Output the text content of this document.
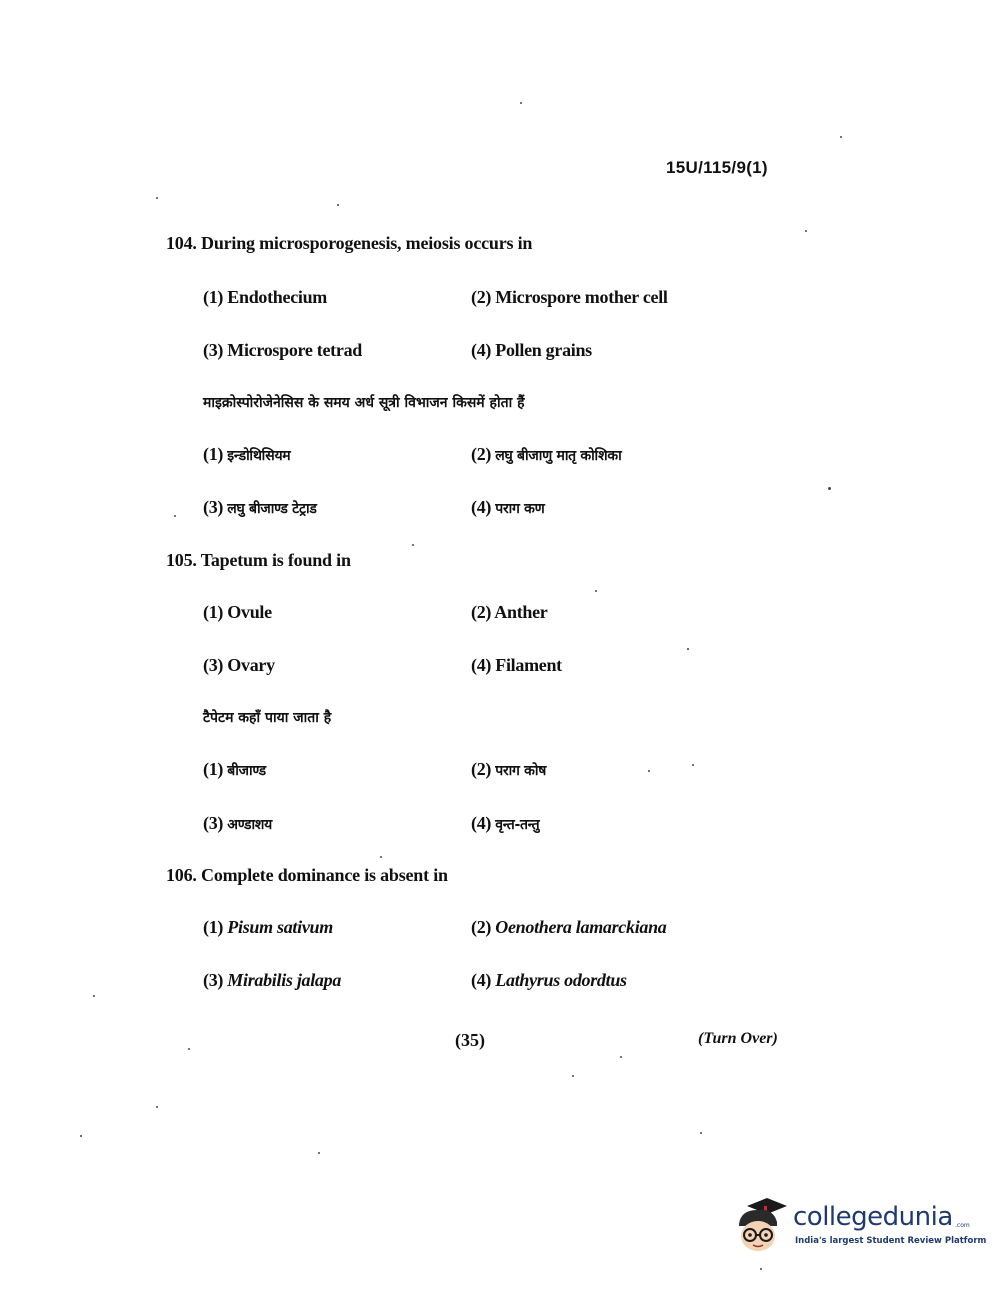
15U/115/9(1)
104. During microsporogenesis, meiosis occurs in
(1) Endothecium	(2) Microspore mother cell
(3) Microspore tetrad	(4) Pollen grains
माइक्रोस्पोरोजेनेसिस के समय अर्ध सूत्री विभाजन किसमें होता हैं
(1) इन्डोथिसियम	(2) लघु बीजाणु मातृ कोशिका
(3) लघु बीजाण्ड टेट्राड	(4) पराग कण
105. Tapetum is found in
(1) Ovule	(2) Anther
(3) Ovary	(4) Filament
टैपेटम कहाँ पाया जाता है
(1) बीजाण्ड	(2) पराग कोष
(3) अण्डाशय	(4) वृन्त-तन्तु
106. Complete dominance is absent in
(1) Pisum sativum	(2) Oenothera lamarckiana
(3) Mirabilis jalapa	(4) Lathyrus odordtus
(35)	(Turn Over)
collegedunia .com
India's largest Student Review Platform
